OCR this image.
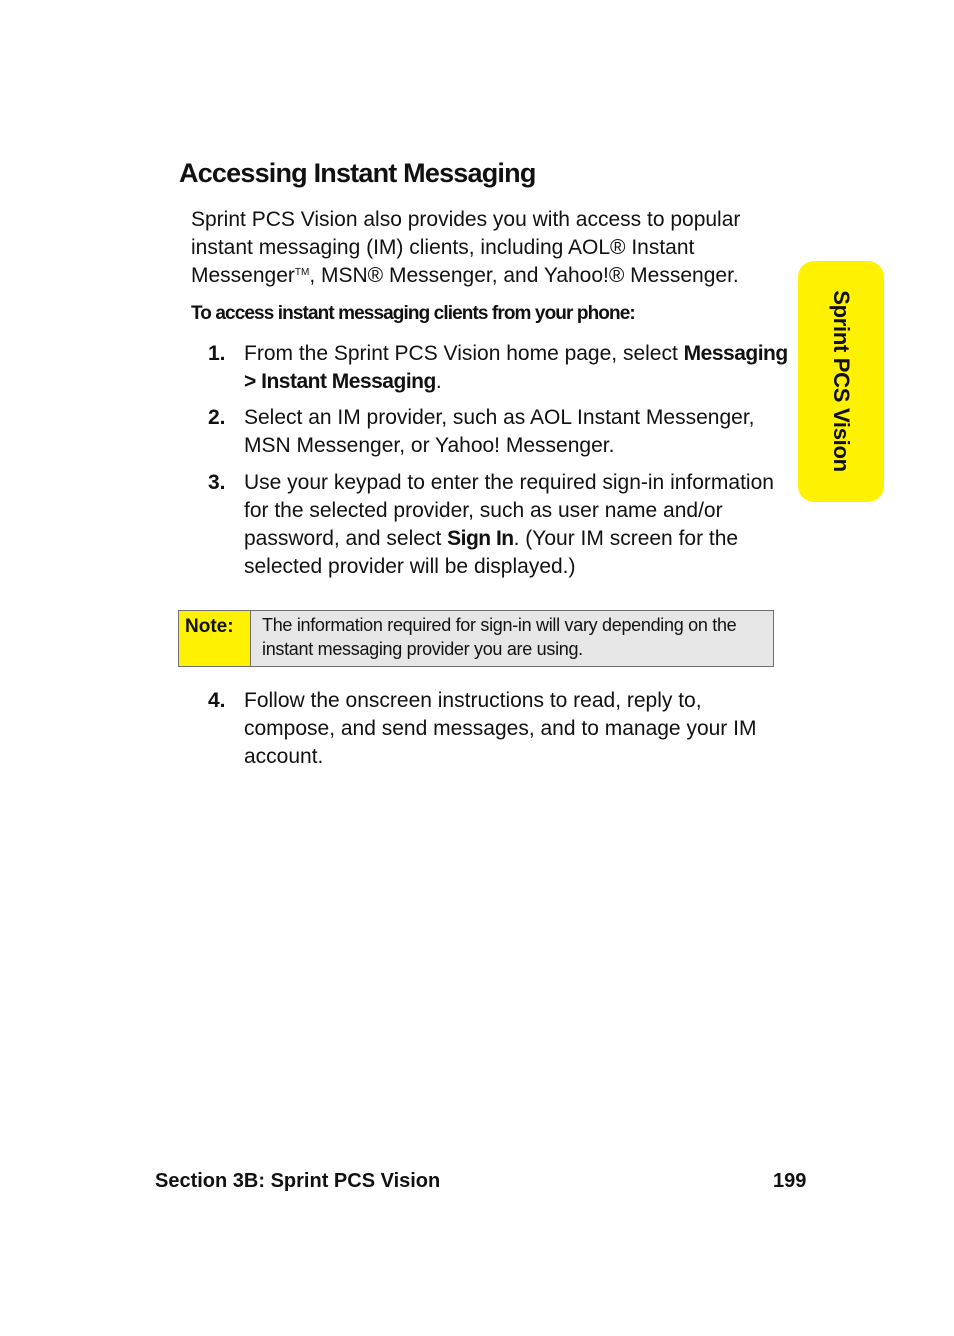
Accessing Instant Messaging

Sprint PCS Vision also provides you with access to popular instant messaging (IM) clients, including AOL® Instant Messenger™, MSN® Messenger, and Yahoo!® Messenger.

To access instant messaging clients from your phone:

1. From the Sprint PCS Vision home page, select Messaging > Instant Messaging.
2. Select an IM provider, such as AOL Instant Messenger, MSN Messenger, or Yahoo! Messenger.
3. Use your keypad to enter the required sign-in information for the selected provider, such as user name and/or password, and select Sign In. (Your IM screen for the selected provider will be displayed.)
Note:	The information required for sign-in will vary depending on the instant messaging provider you are using.
4. Follow the onscreen instructions to read, reply to, compose, and send messages, and to manage your IM account.
Sprint PCS Vision
Section 3B: Sprint PCS Vision	199
